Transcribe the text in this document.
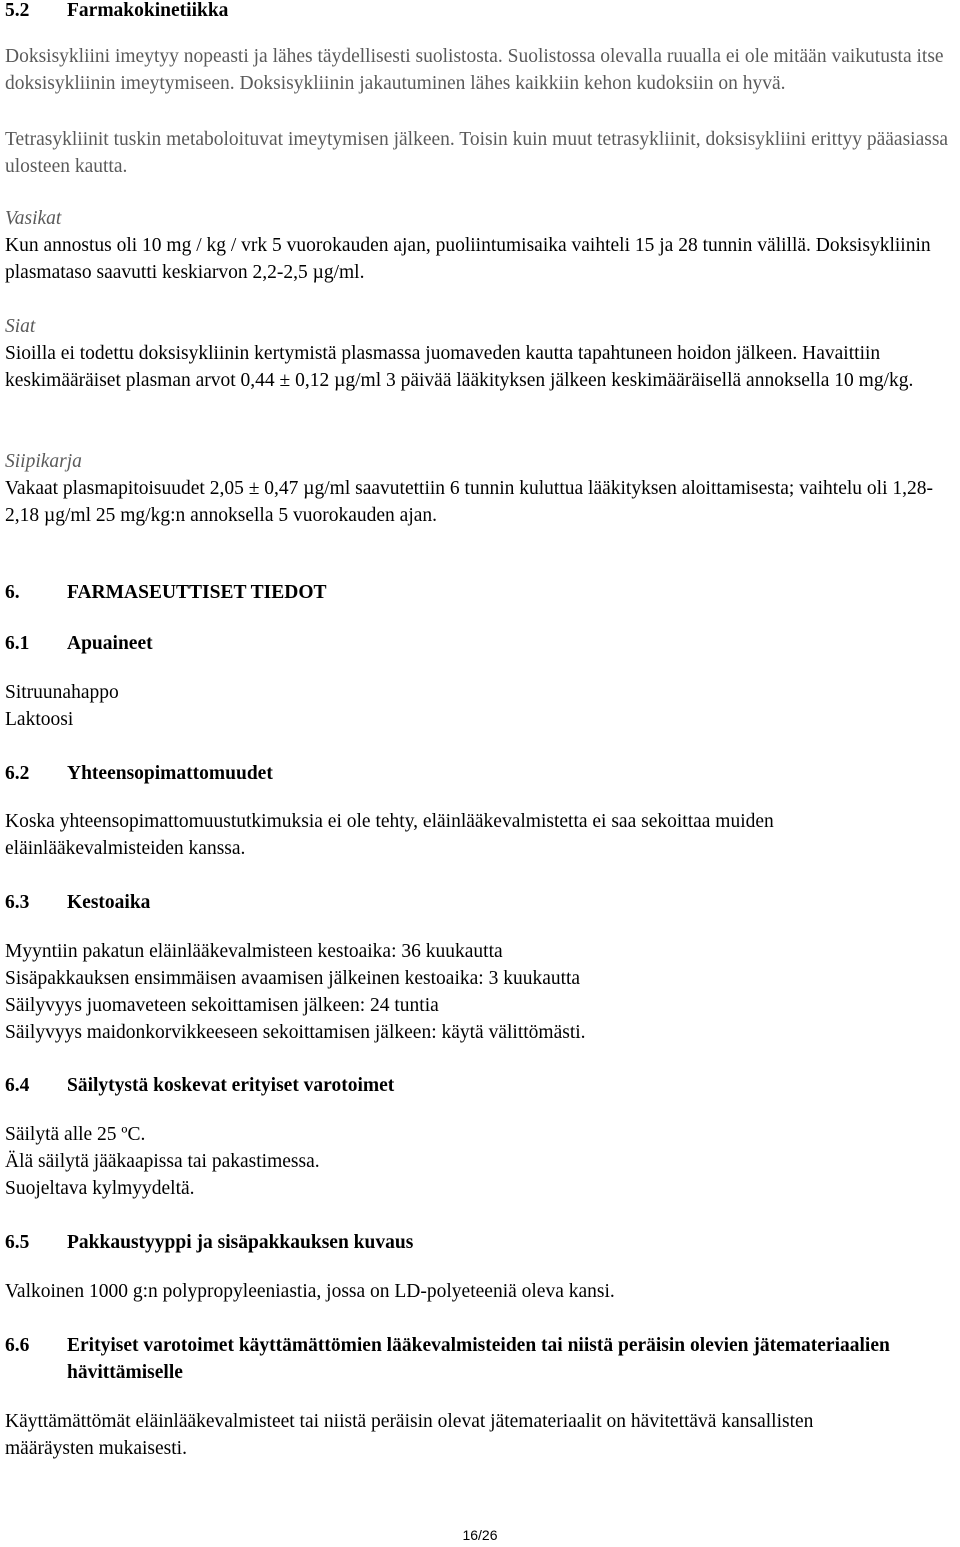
5.2 Farmakokinetiikka

Doksisykliini imeytyy nopeasti ja lähes täydellisesti suolistosta. Suolistossa olevalla ruualla ei ole mitään vaikutusta itse doksisykliinin imeytymiseen. Doksisykliinin jakautuminen lähes kaikkiin kehon kudoksiin on hyvä.

Tetrasykliinit tuskin metaboloituvat imeytymisen jälkeen. Toisin kuin muut tetrasykliinit, doksisykliini erittyy pääasiassa ulosteen kautta.

Vasikat

Kun annostus oli 10 mg / kg / vrk 5 vuorokauden ajan, puoliintumisaika vaihteli 15 ja 28 tunnin välillä. Doksisykliinin plasmataso saavutti keskiarvon 2,2-2,5 µg/ml.

Siat

Sioilla ei todettu doksisykliinin kertymistä plasmassa juomaveden kautta tapahtuneen hoidon jälkeen. Havaittiin keskimääräiset plasman arvot 0,44 ± 0,12 µg/ml 3 päivää lääkityksen jälkeen keskimääräisellä annoksella 10 mg/kg.

Siipikarja

Vakaat plasmapitoisuudet 2,05 ± 0,47 µg/ml saavutettiin 6 tunnin kuluttua lääkityksen aloittamisesta; vaihtelu oli 1,28-2,18 µg/ml 25 mg/kg:n annoksella 5 vuorokauden ajan.

6. FARMASEUTTISET TIEDOT
6.1 Apuaineet
Sitruunahappo
Laktoosi
6.2 Yhteensopimattomuudet

Koska yhteensopimattomuustutkimuksia ei ole tehty, eläinlääkevalmistetta ei saa sekoittaa muiden eläinlääkevalmisteiden kanssa.

6.3 Kestoaika
Myyntiin pakatun eläinlääkevalmisteen kestoaika: 36 kuukautta
Sisäpakkauksen ensimmäisen avaamisen jälkeinen kestoaika: 3 kuukautta
Säilyvyys juomaveteen sekoittamisen jälkeen: 24 tuntia
Säilyvyys maidonkorvikkeeseen sekoittamisen jälkeen: käytä välittömästi.
6.4 Säilytystä koskevat erityiset varotoimet
Säilytä alle 25 ºC.
Älä säilytä jääkaapissa tai pakastimessa.
Suojeltava kylmyydeltä.
6.5 Pakkaustyyppi ja sisäpakkauksen kuvaus

Valkoinen 1000 g:n polypropyleeniastia, jossa on LD-polyeteeniä oleva kansi.

6.6	Erityiset varotoimet käyttämättömien lääkevalmisteiden tai niistä peräisin olevien jätemateriaalien hävittämiselle

Käyttämättömät eläinlääkevalmisteet tai niistä peräisin olevat jätemateriaalit on hävitettävä kansallisten määräysten mukaisesti.

16/26
